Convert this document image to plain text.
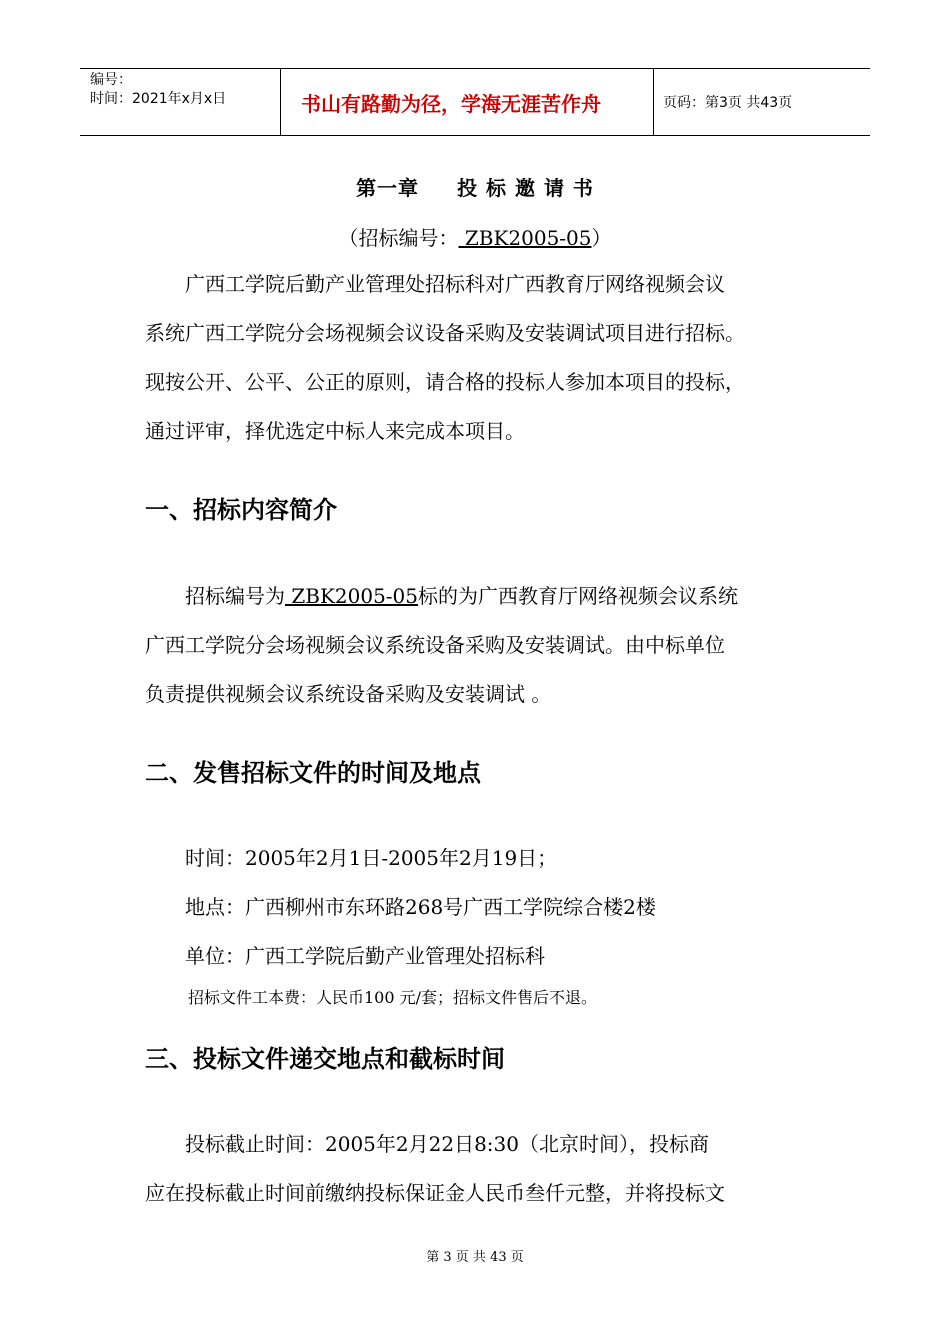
编号：
时间：2021年x月x日	书山有路勤为径，学海无涯苦作舟	页码：第3页 共43页
第一章 投 标 邀 请 书
（招标编号： ZBK2005-05）
　　广西工学院后勤产业管理处招标科对广西教育厅网络视频会议
系统广西工学院分会场视频会议设备采购及安装调试项目进行招标。
现按公开、公平、公正的原则，请合格的投标人参加本项目的投标，
通过评审，择优选定中标人来完成本项目。
一、招标内容简介
　　招标编号为 ZBK2005-05标的为广西教育厅网络视频会议系统
广西工学院分会场视频会议系统设备采购及安装调试。由中标单位
负责提供视频会议系统设备采购及安装调试 。
二、发售招标文件的时间及地点
　　时间：2005年2月1日-2005年2月19日；
　　地点：广西柳州市东环路268号广西工学院综合楼2楼
　　单位：广西工学院后勤产业管理处招标科
　　　招标文件工本费：人民币100 元/套；招标文件售后不退。
三、投标文件递交地点和截标时间
　　投标截止时间：2005年2月22日8:30（北京时间），投标商
应在投标截止时间前缴纳投标保证金人民币叁仟元整，并将投标文
第 3 页 共 43 页
